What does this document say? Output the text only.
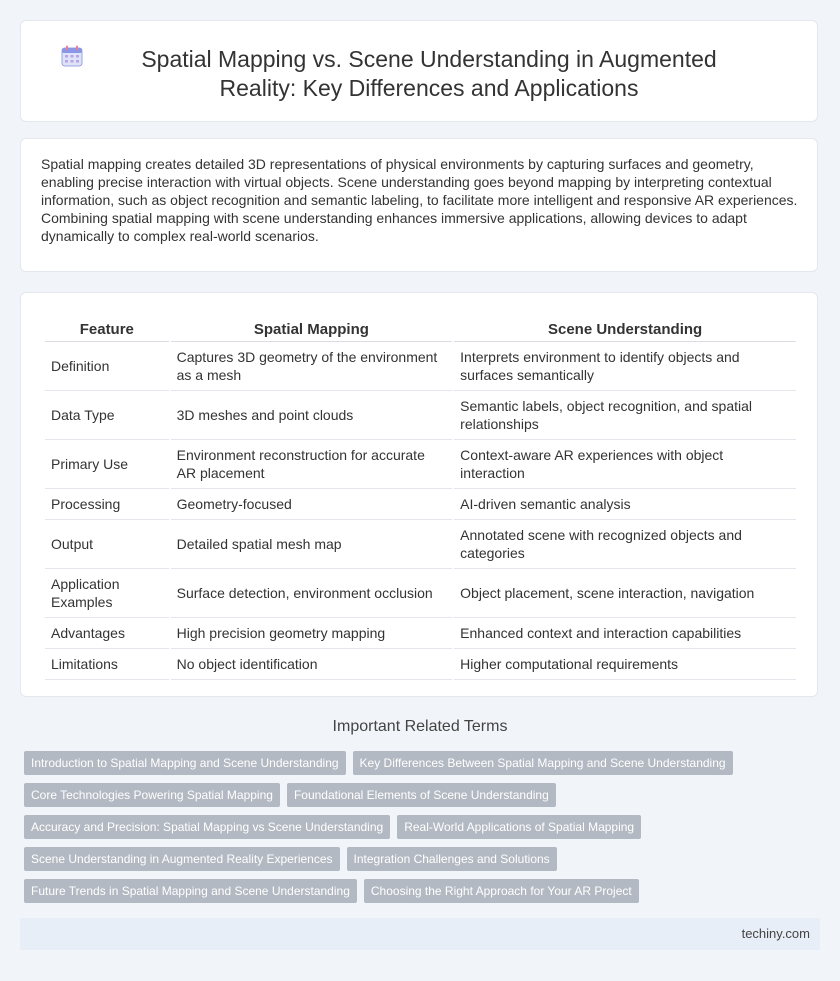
Spatial Mapping vs. Scene Understanding in Augmented Reality: Key Differences and Applications

Spatial mapping creates detailed 3D representations of physical environments by capturing surfaces and geometry, enabling precise interaction with virtual objects. Scene understanding goes beyond mapping by interpreting contextual information, such as object recognition and semantic labeling, to facilitate more intelligent and responsive AR experiences. Combining spatial mapping with scene understanding enhances immersive applications, allowing devices to adapt dynamically to complex real-world scenarios.

Feature	Spatial Mapping	Scene Understanding
Definition	Captures 3D geometry of the environment as a mesh	Interprets environment to identify objects and surfaces semantically
Data Type	3D meshes and point clouds	Semantic labels, object recognition, and spatial relationships
Primary Use	Environment reconstruction for accurate AR placement	Context-aware AR experiences with object interaction
Processing	Geometry-focused	AI-driven semantic analysis
Output	Detailed spatial mesh map	Annotated scene with recognized objects and categories
Application Examples	Surface detection, environment occlusion	Object placement, scene interaction, navigation
Advantages	High precision geometry mapping	Enhanced context and interaction capabilities
Limitations	No object identification	Higher computational requirements
Important Related Terms
Introduction to Spatial Mapping and Scene Understanding	Key Differences Between Spatial Mapping and Scene Understanding
Core Technologies Powering Spatial Mapping	Foundational Elements of Scene Understanding
Accuracy and Precision: Spatial Mapping vs Scene Understanding	Real-World Applications of Spatial Mapping
Scene Understanding in Augmented Reality Experiences	Integration Challenges and Solutions
Future Trends in Spatial Mapping and Scene Understanding	Choosing the Right Approach for Your AR Project
techiny.com
